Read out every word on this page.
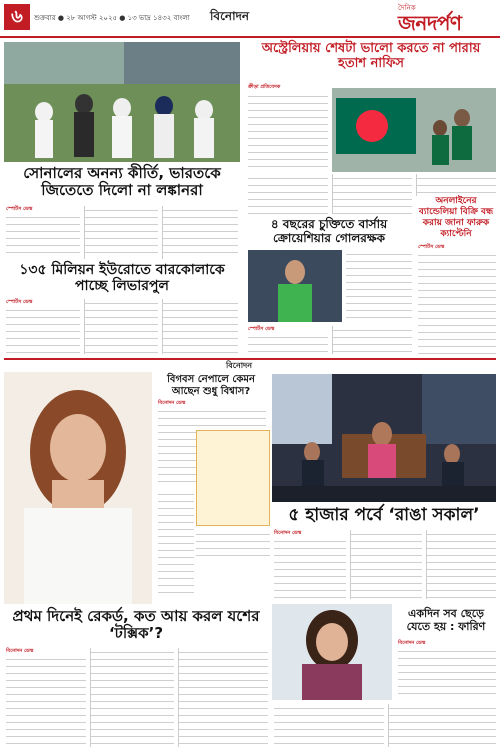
৬	শুক্রবার ● ২৮ আগস্ট ২০২৫ ● ১৩ ভাদ্র ১৪৩২ বাংলা বিনোদন
দৈনিক
জনদর্পণ
সোনালের অনন্য কীর্তি, ভারতকে জিতেতে দিলো না লঙ্কানরা
স্পোর্টস ডেস্ক
১৩৫ মিলিয়ন ইউরোতে বারকোলাকে পাচ্ছে লিভারপুল
স্পোর্টস ডেস্ক
অস্ট্রেলিয়ায় শেষটা ভালো করতে না পারায় হতাশ নাফিস
ক্রীড়া প্রতিবেদক
অনলাইনের ব্যান্ডেলিয়া বিক্রি বন্ধ করায় জানা ফারুক ক্যাপ্টেনি
৪ বছরের চুক্তিতে বার্সায় ক্রোয়েশিয়ার গোলরক্ষক
স্পোর্টস ডেস্ক
স্পোর্টস ডেস্ক
বিনোদন
বিগবস নেপালে কেমন আছেন শুধু বিশ্বাস?
বিনোদন ডেস্ক
৫ হাজার পর্বে ‘রাঙা সকাল’
বিনোদন ডেস্ক
প্রথম দিনেই রেকর্ড, কত আয় করল যশের ‘টক্সিক’?
বিনোদন ডেস্ক
একদিন সব ছেড়ে যেতে হয় : ফারিণ
বিনোদন ডেস্ক
